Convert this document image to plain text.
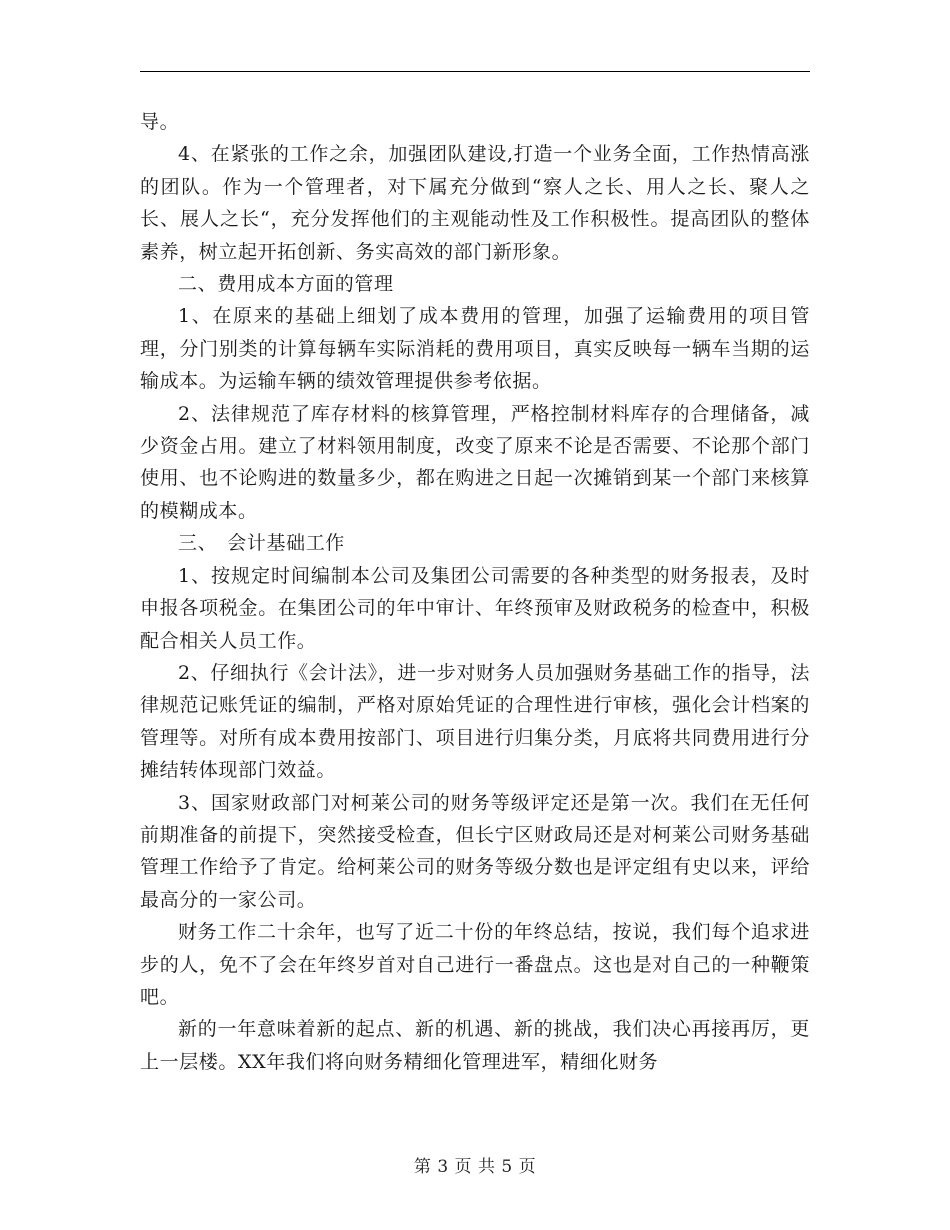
导。

4、在紧张的工作之余，加强团队建设,打造一个业务全面，工作热情高涨的团队。作为一个管理者，对下属充分做到“察人之长、用人之长、聚人之长、展人之长“，充分发挥他们的主观能动性及工作积极性。提高团队的整体素养，树立起开拓创新、务实高效的部门新形象。

二、费用成本方面的管理

1、在原来的基础上细划了成本费用的管理，加强了运输费用的项目管理，分门别类的计算每辆车实际消耗的费用项目，真实反映每一辆车当期的运输成本。为运输车辆的绩效管理提供参考依据。

2、法律规范了库存材料的核算管理，严格控制材料库存的合理储备，减少资金占用。建立了材料领用制度，改变了原来不论是否需要、不论那个部门使用、也不论购进的数量多少，都在购进之日起一次摊销到某一个部门来核算的模糊成本。

三、　会计基础工作

1、按规定时间编制本公司及集团公司需要的各种类型的财务报表，及时申报各项税金。在集团公司的年中审计、年终预审及财政税务的检查中，积极配合相关人员工作。

2、仔细执行《会计法》，进一步对财务人员加强财务基础工作的指导，法律规范记账凭证的编制，严格对原始凭证的合理性进行审核，强化会计档案的管理等。对所有成本费用按部门、项目进行归集分类，月底将共同费用进行分摊结转体现部门效益。

3、国家财政部门对柯莱公司的财务等级评定还是第一次。我们在无任何前期准备的前提下，突然接受检查，但长宁区财政局还是对柯莱公司财务基础管理工作给予了肯定。给柯莱公司的财务等级分数也是评定组有史以来，评给最高分的一家公司。

财务工作二十余年，也写了近二十份的年终总结，按说，我们每个追求进步的人，免不了会在年终岁首对自己进行一番盘点。这也是对自己的一种鞭策吧。

新的一年意味着新的起点、新的机遇、新的挑战，我们决心再接再厉，更上一层楼。XX年我们将向财务精细化管理进军，精细化财务

第 3 页 共 5 页
